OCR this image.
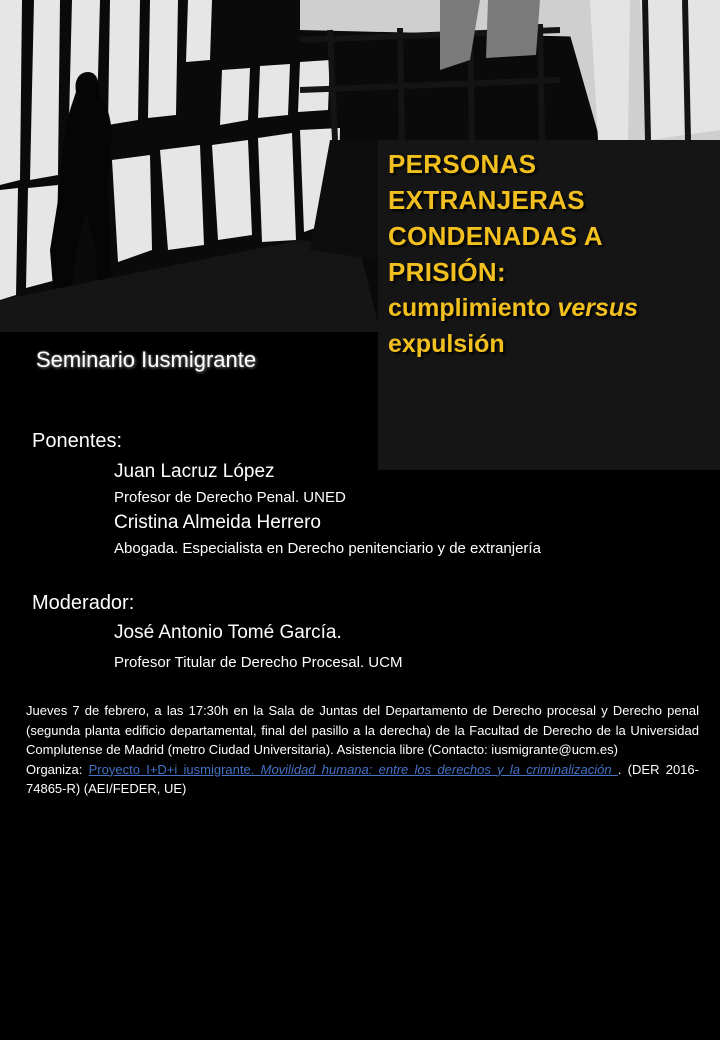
PERSONAS
EXTRANJERAS
CONDENADAS A
PRISIÓN:
cumplimiento versus
expulsión
Seminario Iusmigrante
Ponentes:
Juan Lacruz López
Profesor de Derecho Penal. UNED
Cristina Almeida Herrero
Abogada. Especialista en Derecho penitenciario y de extranjería
Moderador:
José Antonio Tomé García.
Profesor Titular de Derecho Procesal. UCM
Jueves 7 de febrero, a las 17:30h en la Sala de Juntas del Departamento de Derecho procesal y Derecho penal (segunda planta edificio departamental, final del pasillo a la derecha) de la Facultad de Derecho de la Universidad Complutense de Madrid (metro Ciudad Universitaria). Asistencia libre (Contacto: iusmigrante@ucm.es)
Organiza: Proyecto I+D+i iusmigrante. Movilidad humana: entre los derechos y la criminalización . (DER 2016-74865-R) (AEI/FEDER, UE)
